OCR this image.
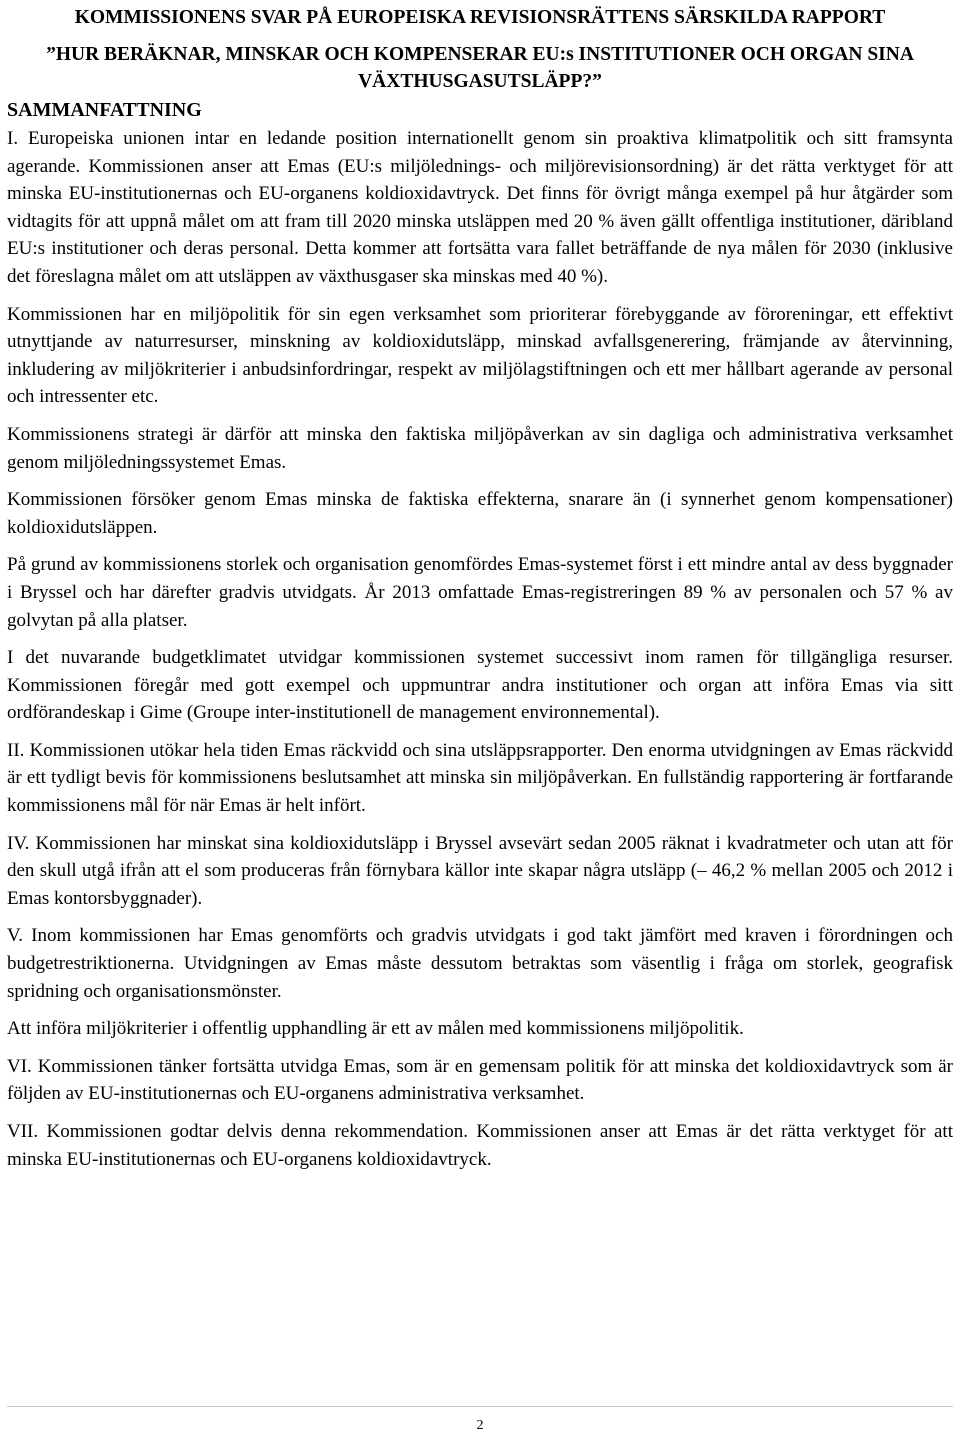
KOMMISSIONENS SVAR PÅ EUROPEISKA REVISIONSRÄTTENS SÄRSKILDA RAPPORT
”HUR BERÄKNAR, MINSKAR OCH KOMPENSERAR EU:s INSTITUTIONER OCH ORGAN SINA VÄXTHUSGASUTSLÄPP?”
SAMMANFATTNING

I. Europeiska unionen intar en ledande position internationellt genom sin proaktiva klimatpolitik och sitt framsynta agerande. Kommissionen anser att Emas (EU:s miljölednings- och miljörevisionsordning) är det rätta verktyget för att minska EU-institutionernas och EU-organens koldioxidavtryck. Det finns för övrigt många exempel på hur åtgärder som vidtagits för att uppnå målet om att fram till 2020 minska utsläppen med 20 % även gällt offentliga institutioner, däribland EU:s institutioner och deras personal. Detta kommer att fortsätta vara fallet beträffande de nya målen för 2030 (inklusive det föreslagna målet om att utsläppen av växthusgaser ska minskas med 40 %).

Kommissionen har en miljöpolitik för sin egen verksamhet som prioriterar förebyggande av föroreningar, ett effektivt utnyttjande av naturresurser, minskning av koldioxidutsläpp, minskad avfallsgenerering, främjande av återvinning, inkludering av miljökriterier i anbudsinfordringar, respekt av miljölagstiftningen och ett mer hållbart agerande av personal och intressenter etc.

Kommissionens strategi är därför att minska den faktiska miljöpåverkan av sin dagliga och administrativa verksamhet genom miljöledningssystemet Emas.

Kommissionen försöker genom Emas minska de faktiska effekterna, snarare än (i synnerhet genom kompensationer) koldioxidutsläppen.

På grund av kommissionens storlek och organisation genomfördes Emas-systemet först i ett mindre antal av dess byggnader i Bryssel och har därefter gradvis utvidgats. År 2013 omfattade Emas-registreringen 89 % av personalen och 57 % av golvytan på alla platser.

I det nuvarande budgetklimatet utvidgar kommissionen systemet successivt inom ramen för tillgängliga resurser. Kommissionen föregår med gott exempel och uppmuntrar andra institutioner och organ att införa Emas via sitt ordförandeskap i Gime (Groupe inter-institutionell de management environnemental).

II. Kommissionen utökar hela tiden Emas räckvidd och sina utsläppsrapporter. Den enorma utvidgningen av Emas räckvidd är ett tydligt bevis för kommissionens beslutsamhet att minska sin miljöpåverkan. En fullständig rapportering är fortfarande kommissionens mål för när Emas är helt infört.

IV. Kommissionen har minskat sina koldioxidutsläpp i Bryssel avsevärt sedan 2005 räknat i kvadratmeter och utan att för den skull utgå ifrån att el som produceras från förnybara källor inte skapar några utsläpp (– 46,2 % mellan 2005 och 2012 i Emas kontorsbyggnader).

V. Inom kommissionen har Emas genomförts och gradvis utvidgats i god takt jämfört med kraven i förordningen och budgetrestriktionerna. Utvidgningen av Emas måste dessutom betraktas som väsentlig i fråga om storlek, geografisk spridning och organisationsmönster.

Att införa miljökriterier i offentlig upphandling är ett av målen med kommissionens miljöpolitik.

VI. Kommissionen tänker fortsätta utvidga Emas, som är en gemensam politik för att minska det koldioxidavtryck som är följden av EU-institutionernas och EU-organens administrativa verksamhet.

VII. Kommissionen godtar delvis denna rekommendation. Kommissionen anser att Emas är det rätta verktyget för att minska EU-institutionernas och EU-organens koldioxidavtryck.

2
